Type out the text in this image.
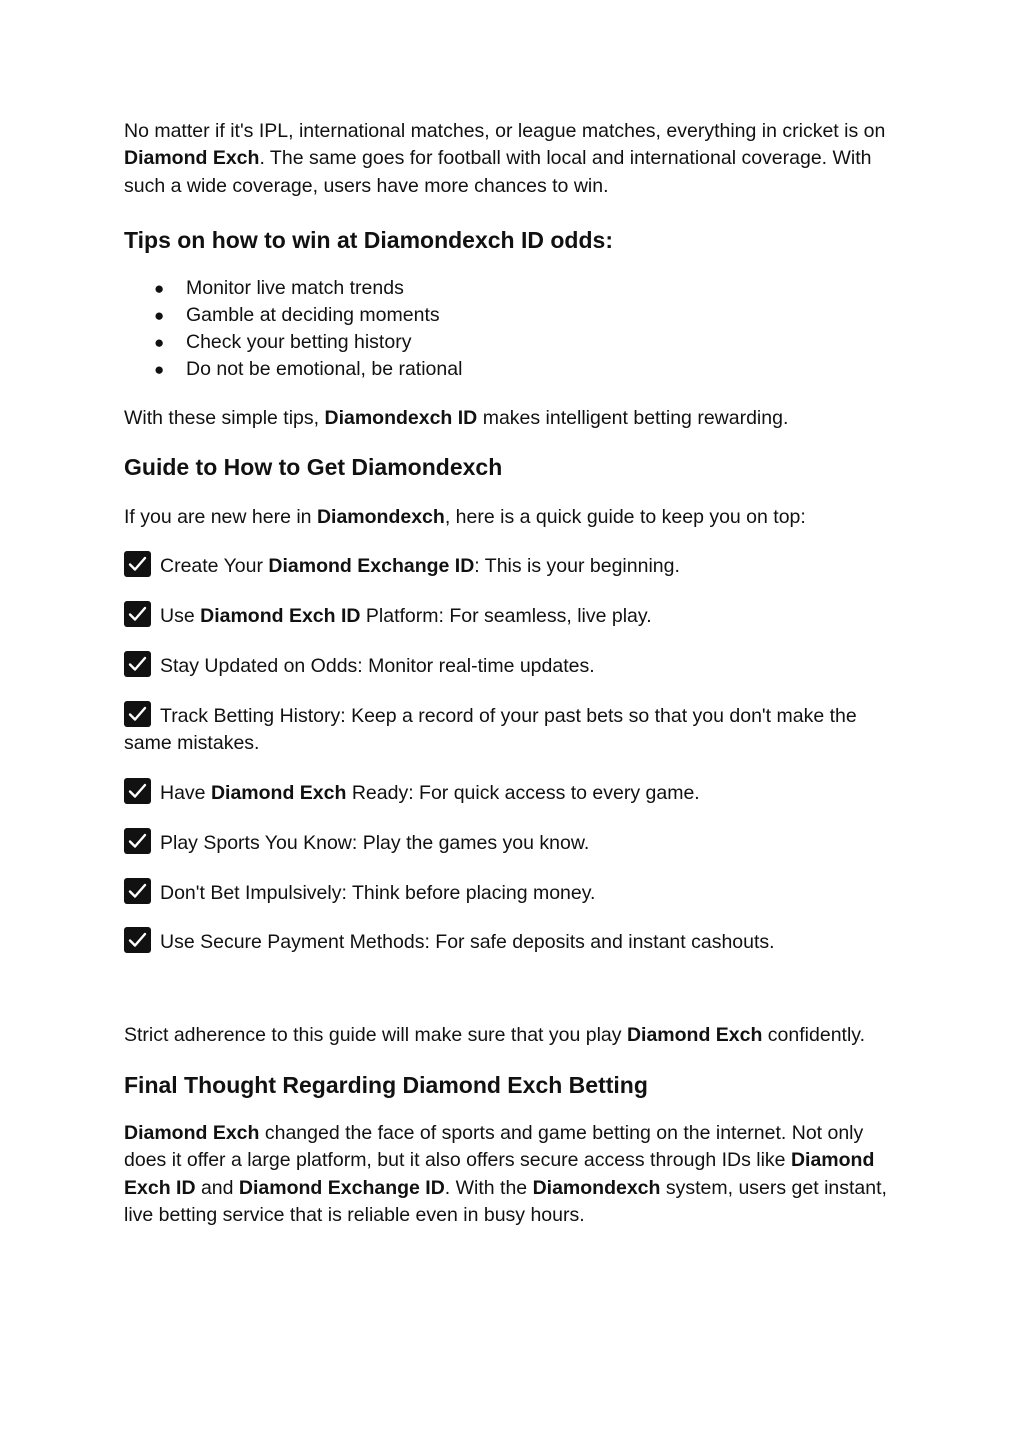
No matter if it's IPL, international matches, or league matches, everything in cricket is on Diamond Exch. The same goes for football with local and international coverage. With such a wide coverage, users have more chances to win.

Tips on how to win at Diamondexch ID odds:
● Monitor live match trends
● Gamble at deciding moments
● Check your betting history
● Do not be emotional, be rational

With these simple tips, Diamondexch ID makes intelligent betting rewarding.

Guide to How to Get Diamondexch

If you are new here in Diamondexch, here is a quick guide to keep you on top:

Create Your Diamond Exchange ID: This is your beginning.
Use Diamond Exch ID Platform: For seamless, live play.
Stay Updated on Odds: Monitor real-time updates.
Track Betting History: Keep a record of your past bets so that you don't make the same mistakes.
Have Diamond Exch Ready: For quick access to every game.
Play Sports You Know: Play the games you know.
Don't Bet Impulsively: Think before placing money.
Use Secure Payment Methods: For safe deposits and instant cashouts.

Strict adherence to this guide will make sure that you play Diamond Exch confidently.

Final Thought Regarding Diamond Exch Betting

Diamond Exch changed the face of sports and game betting on the internet. Not only does it offer a large platform, but it also offers secure access through IDs like Diamond Exch ID and Diamond Exchange ID. With the Diamondexch system, users get instant, live betting service that is reliable even in busy hours.
